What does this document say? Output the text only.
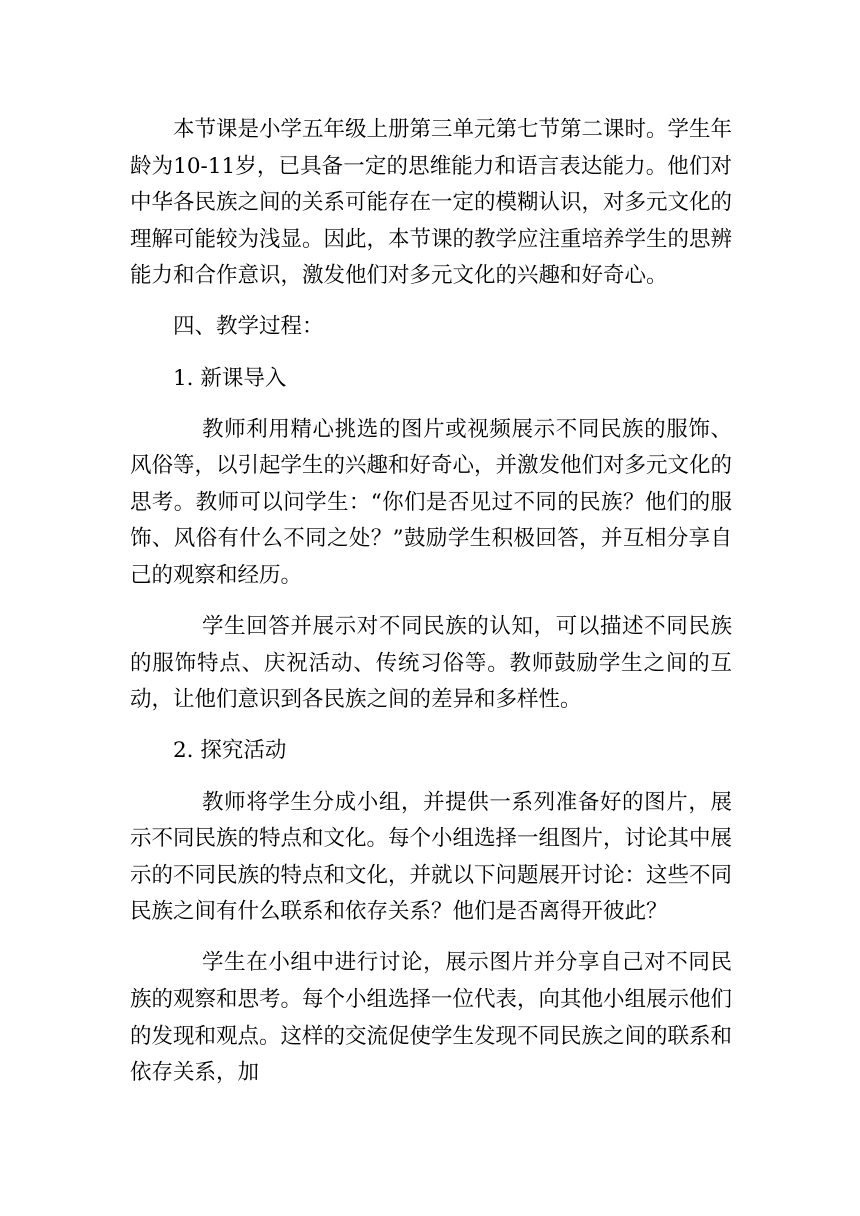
本节课是小学五年级上册第三单元第七节第二课时。学生年龄为10-11岁，已具备一定的思维能力和语言表达能力。他们对中华各民族之间的关系可能存在一定的模糊认识，对多元文化的理解可能较为浅显。因此，本节课的教学应注重培养学生的思辨能力和合作意识，激发他们对多元文化的兴趣和好奇心。

四、教学过程：

1. 新课导入

教师利用精心挑选的图片或视频展示不同民族的服饰、风俗等，以引起学生的兴趣和好奇心，并激发他们对多元文化的思考。教师可以问学生：“你们是否见过不同的民族？他们的服饰、风俗有什么不同之处？”鼓励学生积极回答，并互相分享自己的观察和经历。

学生回答并展示对不同民族的认知，可以描述不同民族的服饰特点、庆祝活动、传统习俗等。教师鼓励学生之间的互动，让他们意识到各民族之间的差异和多样性。

2. 探究活动

教师将学生分成小组，并提供一系列准备好的图片，展示不同民族的特点和文化。每个小组选择一组图片，讨论其中展示的不同民族的特点和文化，并就以下问题展开讨论：这些不同民族之间有什么联系和依存关系？他们是否离得开彼此？

学生在小组中进行讨论，展示图片并分享自己对不同民族的观察和思考。每个小组选择一位代表，向其他小组展示他们的发现和观点。这样的交流促使学生发现不同民族之间的联系和依存关系，加
